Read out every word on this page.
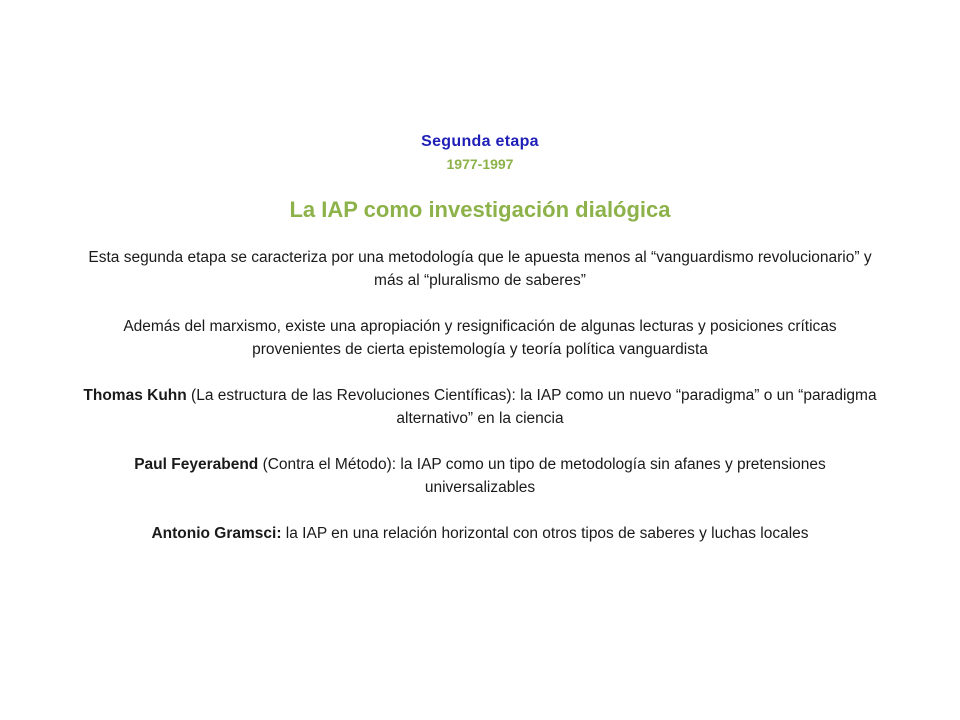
Segunda etapa
1977-1997
La IAP como investigación dialógica

Esta segunda etapa se caracteriza por una metodología que le apuesta menos al “vanguardismo revolucionario” y más al “pluralismo de saberes”

Además del marxismo, existe una apropiación y resignificación de algunas lecturas y posiciones críticas provenientes de cierta epistemología y teoría política vanguardista

Thomas Kuhn (La estructura de las Revoluciones Científicas): la IAP como un nuevo “paradigma” o un “paradigma alternativo” en la ciencia

Paul Feyerabend (Contra el Método): la IAP como un tipo de metodología sin afanes y pretensiones universalizables

Antonio Gramsci: la IAP en una relación horizontal con otros tipos de saberes y luchas locales
